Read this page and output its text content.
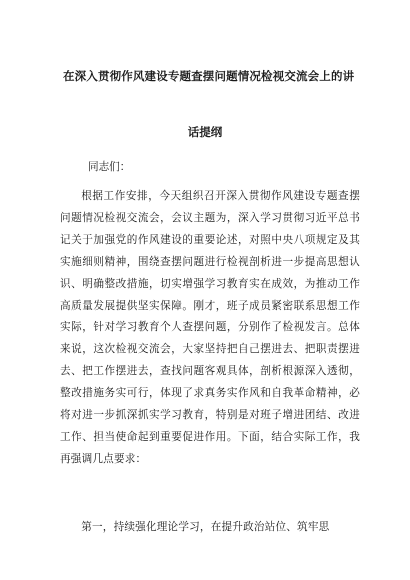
在深入贯彻作风建设专题查摆问题情况检视交流会上的讲
话提纲
同志们：
根据工作安排，今天组织召开深入贯彻作风建设专题查摆问题情况检视交流会，会议主题为，深入学习贯彻习近平总书记关于加强党的作风建设的重要论述，对照中央八项规定及其实施细则精神，围绕查摆问题进行检视剖析进一步提高思想认识、明确整改措施，切实增强学习教育实在成效，为推动工作高质量发展提供坚实保障。刚才，班子成员紧密联系思想工作实际，针对学习教育个人查摆问题，分别作了检视发言。总体来说，这次检视交流会，大家坚持把自己摆进去、把职责摆进去、把工作摆进去，查找问题客观具体，剖析根源深入透彻，整改措施务实可行，体现了求真务实作风和自我革命精神，必将对进一步抓深抓实学习教育，特别是对班子增进团结、改进工作、担当使命起到重要促进作用。下面，结合实际工作，我再强调几点要求：
第一，持续强化理论学习，在提升政治站位、筑牢思
